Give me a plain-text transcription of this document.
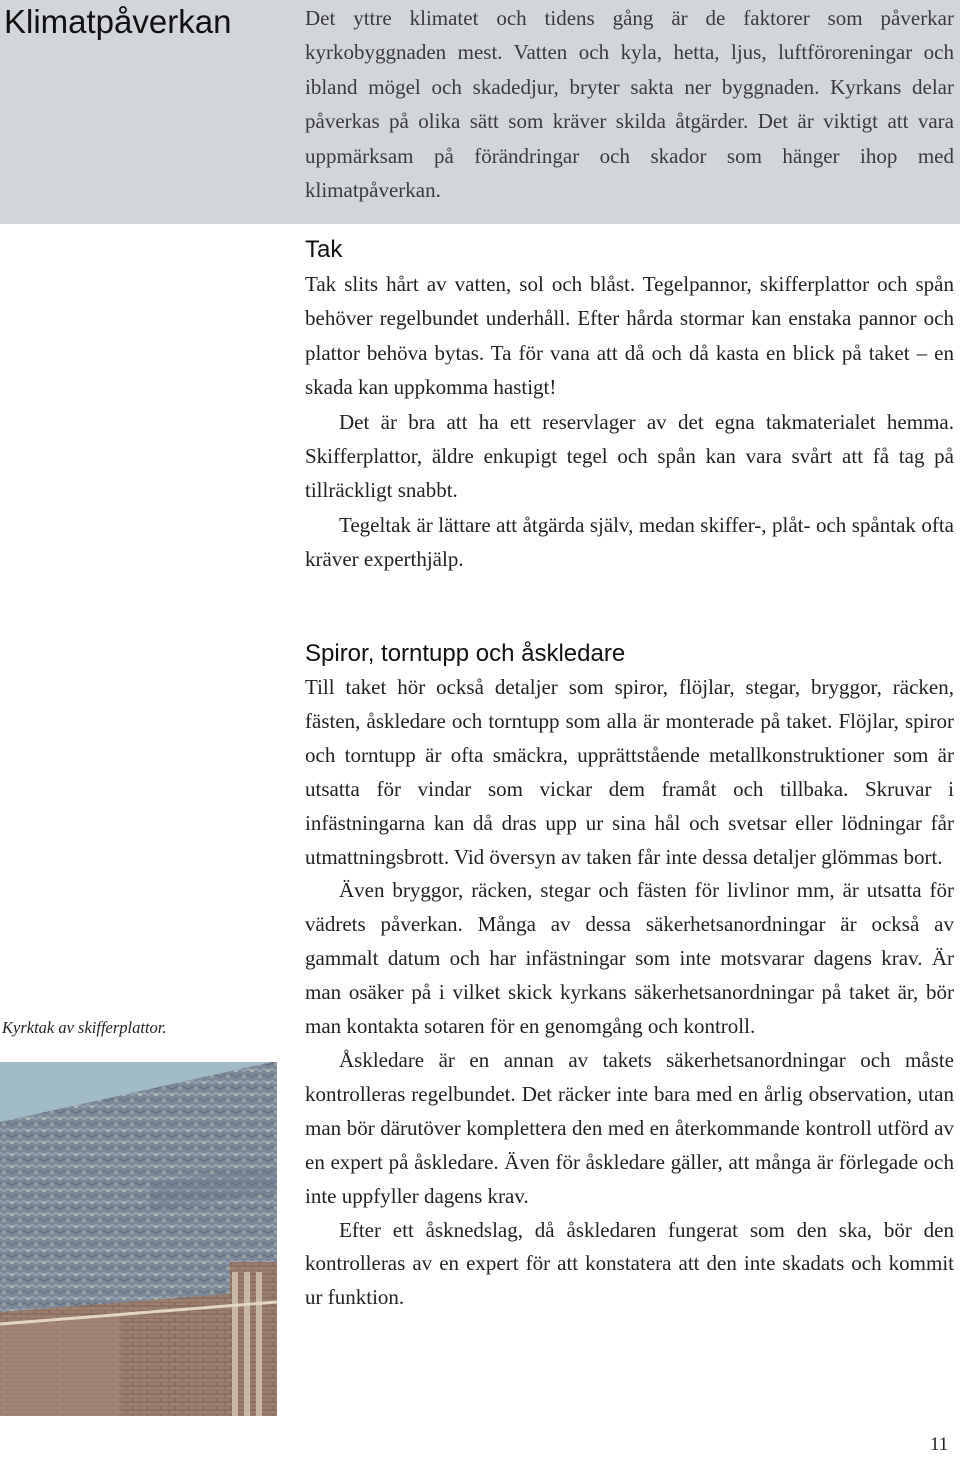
Klimatpåverkan	Det yttre klimatet och tidens gång är de faktorer som påverkar kyrkobyggnaden mest. Vatten och kyla, hetta, ljus, luftföroreningar och ibland mögel och skadedjur, bryter sakta ner byggnaden. Kyrkans delar påverkas på olika sätt som kräver skilda åtgärder. Det är viktigt att vara uppmärksam på förändringar och skador som hänger ihop med klimatpåverkan.

Tak

Tak slits hårt av vatten, sol och blåst. Tegelpannor, skifferplattor och spån behöver regelbundet underhåll. Efter hårda stormar kan enstaka pannor och plattor behöva bytas. Ta för vana att då och då kasta en blick på taket – en skada kan uppkomma hastigt!

Det är bra att ha ett reservlager av det egna takmaterialet hemma. Skifferplattor, äldre enkupigt tegel och spån kan vara svårt att få tag på tillräckligt snabbt.

Tegeltak är lättare att åtgärda själv, medan skiffer-, plåt- och spåntak ofta kräver experthjälp.

Spiror, torntupp och åskledare

Till taket hör också detaljer som spiror, flöjlar, stegar, bryggor, räcken, fästen, åskledare och torntupp som alla är monterade på taket. Flöjlar, spiror och torntupp är ofta smäckra, upprättstående metallkonstruktioner som är utsatta för vindar som vickar dem framåt och tillbaka. Skruvar i infästningarna kan då dras upp ur sina hål och svetsar eller lödningar får utmattningsbrott. Vid översyn av taken får inte dessa detaljer glömmas bort.

Även bryggor, räcken, stegar och fästen för livlinor mm, är utsatta för vädrets påverkan. Många av dessa säkerhetsanordningar är också av gammalt datum och har infästningar som inte motsvarar dagens krav. Är man osäker på i vilket skick kyrkans säkerhetsanordningar på taket är, bör man kontakta sotaren för en genomgång och kontroll.

Åskledare är en annan av takets säkerhetsanordningar och måste kontrolleras regelbundet. Det räcker inte bara med en årlig observation, utan man bör därutöver komplettera den med en återkommande kontroll utförd av en expert på åskledare. Även för åskledare gäller, att många är förlegade och inte uppfyller dagens krav.

Efter ett åsknedslag, då åskledaren fungerat som den ska, bör den kontrolleras av en expert för att konstatera att den inte skadats och kommit ur funktion.

Kyrktak av skifferplattor.

11
